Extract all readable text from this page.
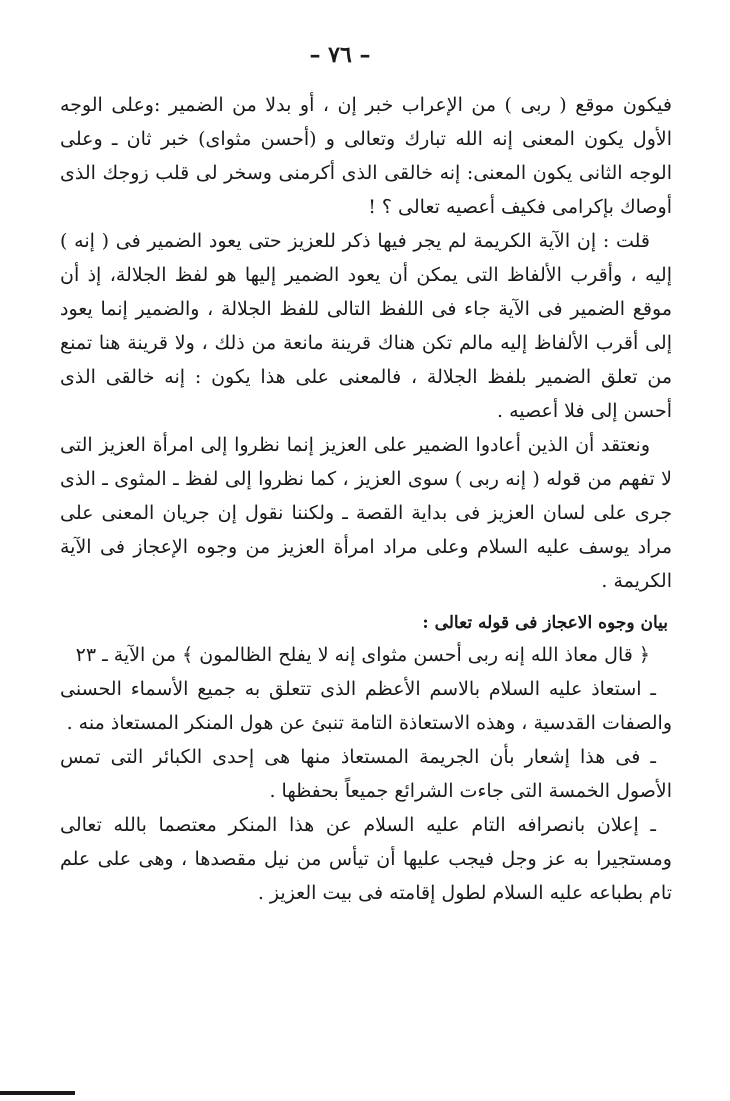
– ٧٦ –

فيكون موقع ( ربى ) من الإعراب خبر إن ، أو بدلا من الضمير :وعلى الوجه الأول يكون المعنى إنه الله تبارك وتعالى و (أحسن مثواى) خبر ثان ـ وعلى الوجه الثانى يكون المعنى: إنه خالقى الذى أكرمنى وسخر لى قلب زوجك الذى أوصاك بإكرامى فكيف أعصيه تعالى ؟ !

قلت : إن الآية الكريمة لم يجر فيها ذكر للعزيز حتى يعود الضمير فى ( إنه ) إليه ، وأقرب الألفاظ التى يمكن أن يعود الضمير إليها هو لفظ الجلالة، إذ أن موقع الضمير فى الآية جاء فى اللفظ التالى للفظ الجلالة ، والضمير إنما يعود إلى أقرب الألفاظ إليه مالم تكن هناك قرينة مانعة من ذلك ، ولا قرينة هنا تمنع من تعلق الضمير بلفظ الجلالة ، فالمعنى على هذا يكون : إنه خالقى الذى أحسن إلى فلا أعصيه .

ونعتقد أن الذين أعادوا الضمير على العزيز إنما نظروا إلى امرأة العزيز التى لا تفهم من قوله ( إنه ربى ) سوى العزيز ، كما نظروا إلى لفظ ـ المثوى ـ الذى جرى على لسان العزيز فى بداية القصة ـ ولكننا نقول إن جريان المعنى على مراد يوسف عليه السلام وعلى مراد امرأة العزيز من وجوه الإعجاز فى الآية الكريمة .

بيان وجوه الاعجاز فى قوله تعالى :

﴿ قال معاذ الله إنه ربى أحسن مثواى إنه لا يفلح الظالمون ﴾ من الآية ـ ٢٣

ـ استعاذ عليه السلام بالاسم الأعظم الذى تتعلق به جميع الأسماء الحسنى والصفات القدسية ، وهذه الاستعاذة التامة تنبئ عن هول المنكر المستعاذ منه .

ـ فى هذا إشعار بأن الجريمة المستعاذ منها هى إحدى الكبائر التى تمس الأصول الخمسة التى جاءت الشرائع جميعاً بحفظها .

ـ إعلان بانصرافه التام عليه السلام عن هذا المنكر معتصما بالله تعالى ومستجيرا به عز وجل فيجب عليها أن تيأس من نيل مقصدها ، وهى على علم تام بطباعه عليه السلام لطول إقامته فى بيت العزيز .
